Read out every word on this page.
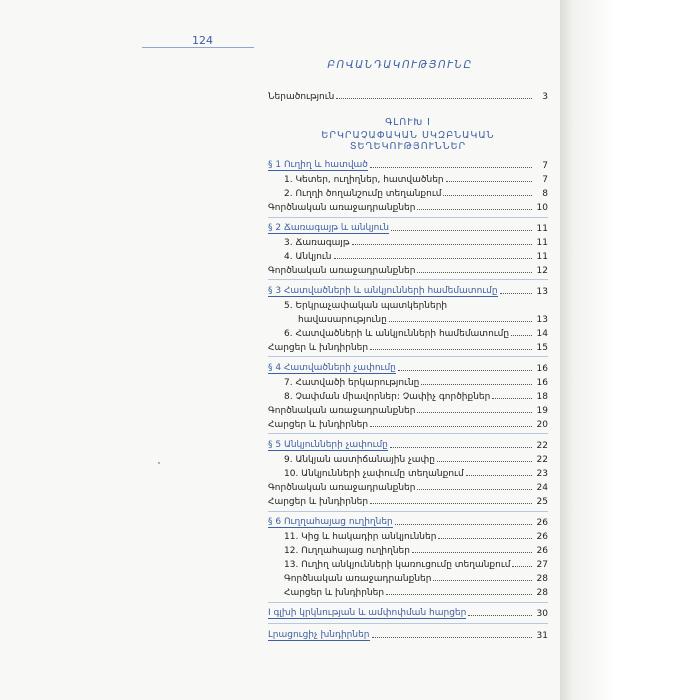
124
ԲՈՎԱՆԴԱԿՈՒԹՅՈՒՆԸ
Ներածություն	3
ԳԼՈՒԽ I
ԵՐԿՐԱՉԱՓԱԿԱՆ ՍԿԶԲՆԱԿԱՆ ՏԵՂԵԿՈՒԹՅՈՒՆՆԵՐ
§ 1 Ուղիղ և հատված	7
1. Կետեր, ուղիղներ, հատվածներ	7
2. Ուղղի ծողանշումը տեղանքում	8
Գործնական առաջադրանքներ	10
§ 2 Ճառագայթ և անկյուն	11
3. Ճառագայթ	11
4. Անկյուն	11
Գործնական առաջադրանքներ	12
§ 3 Հատվածների և անկյունների համեմատումը	13
5. Երկրաչափական պատկերների
հավասարությունը	13
6. Հատվածների և անկյունների համեմատումը	14
Հարցեր և խնդիրներ	15
§ 4 Հատվածների չափումը	16
7. Հատվածի երկարությունը	16
8. Չափման միավորներ: Չափիչ գործիքներ	18
Գործնական առաջադրանքներ	19
Հարցեր և խնդիրներ	20
§ 5 Անկյունների չափումը	22
9. Անկյան աստիճանային չափը	22
10. Անկյունների չափումը տեղանքում	23
Գործնական առաջադրանքներ	24
Հարցեր և խնդիրներ	25
§ 6 Ուղղահայաց ուղիղներ	26
11. Կից և հակադիր անկյուններ	26
12. Ուղղահայաց ուղիղներ	26
13. Ուղիղ անկյունների կառուցումը տեղանքում	27
Գործնական առաջադրանքներ	28
Հարցեր և խնդիրներ	28
I գլխի կրկնության և ամփոփման հարցեր	30
Լրացուցիչ խնդիրներ	31
